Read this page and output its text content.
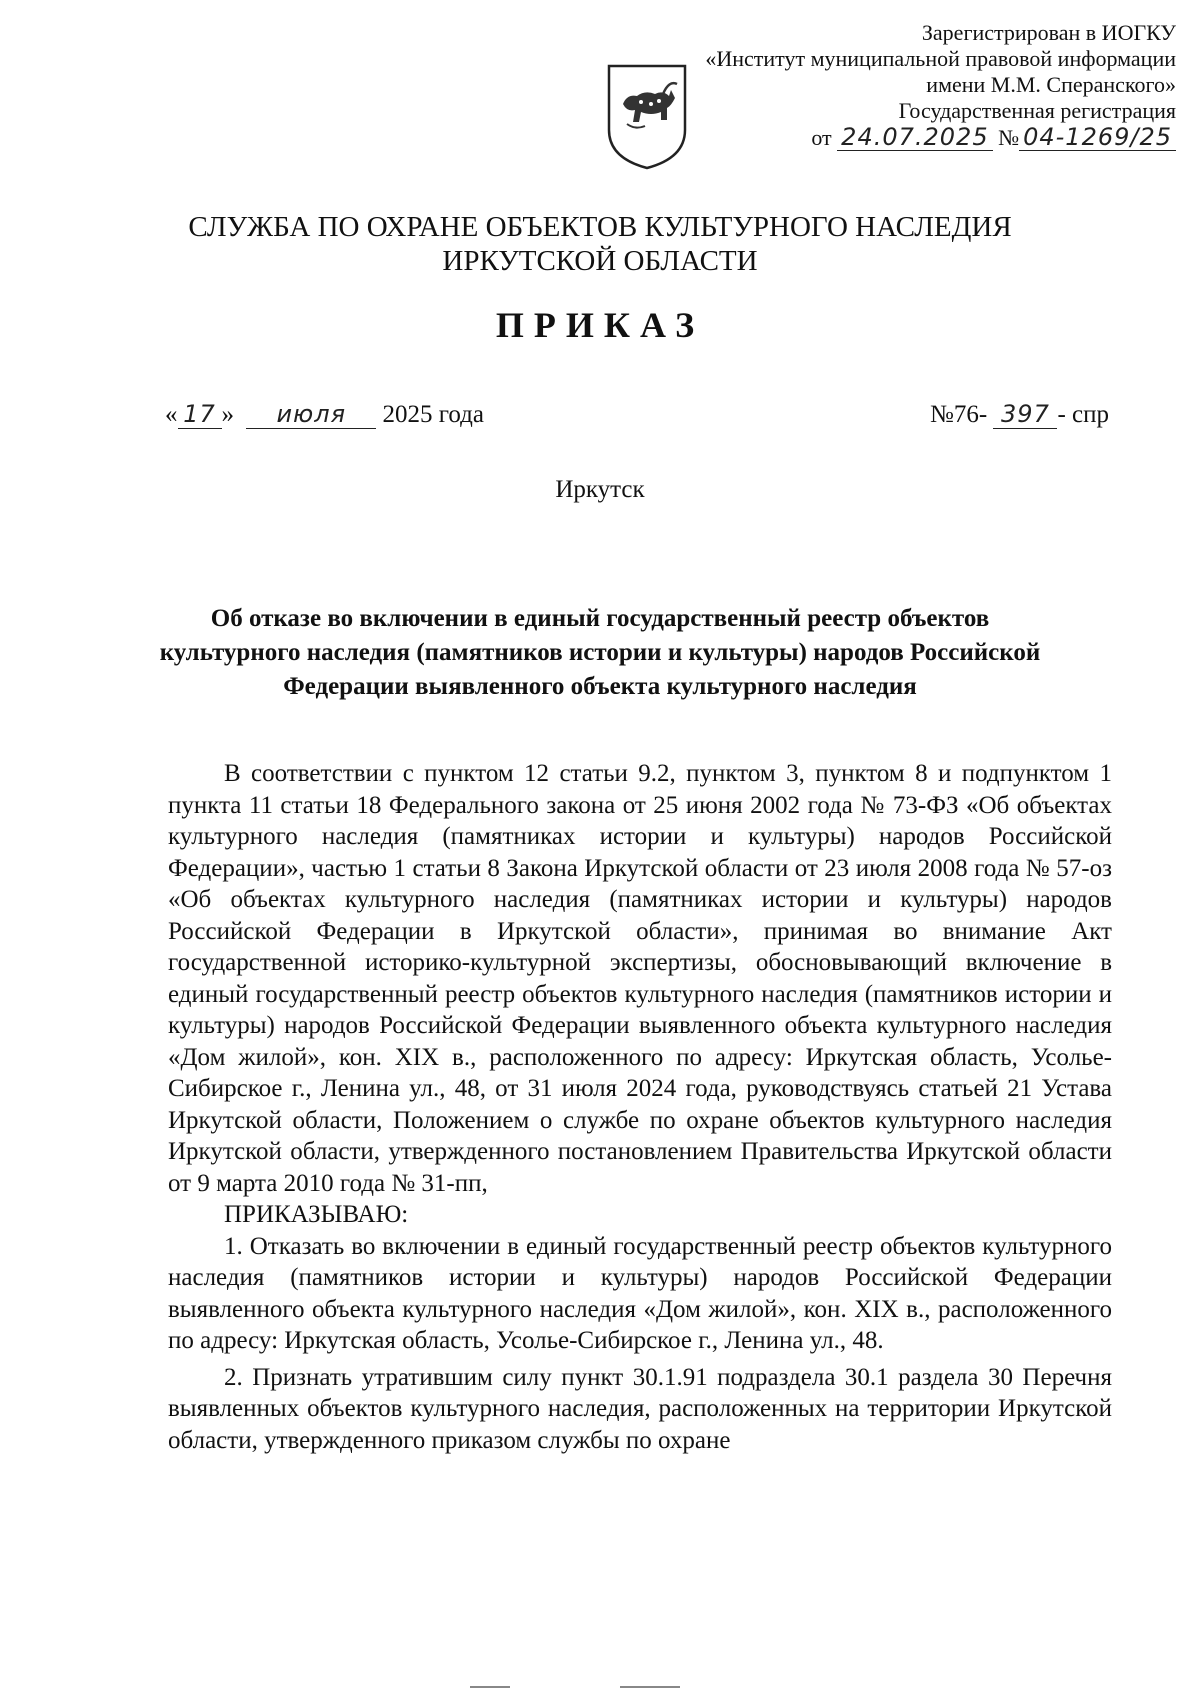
Зарегистрирован в ИОГКУ
«Институт муниципальной правовой информации
имени М.М. Сперанского»
Государственная регистрация
от 24.07.2025 № 04-1269/25
СЛУЖБА ПО ОХРАНЕ ОБЪЕКТОВ КУЛЬТУРНОГО НАСЛЕДИЯ
ИРКУТСКОЙ ОБЛАСТИ
ПРИКАЗ
« 17 » июля 2025 года	№76- 397 - спр
Иркутск
Об отказе во включении в единый государственный реестр объектов культурного наследия (памятников истории и культуры) народов Российской Федерации выявленного объекта культурного наследия

В соответствии с пунктом 12 статьи 9.2, пунктом 3, пунктом 8 и подпунктом 1 пункта 11 статьи 18 Федерального закона от 25 июня 2002 года № 73-ФЗ «Об объектах культурного наследия (памятниках истории и культуры) народов Российской Федерации», частью 1 статьи 8 Закона Иркутской области от 23 июля 2008 года № 57-оз «Об объектах культурного наследия (памятниках истории и культуры) народов Российской Федерации в Иркутской области», принимая во внимание Акт государственной историко-культурной экспертизы, обосновывающий включение в единый государственный реестр объектов культурного наследия (памятников истории и культуры) народов Российской Федерации выявленного объекта культурного наследия «Дом жилой», кон. XIX в., расположенного по адресу: Иркутская область, Усолье-Сибирское г., Ленина ул., 48, от 31 июля 2024 года, руководствуясь статьей 21 Устава Иркутской области, Положением о службе по охране объектов культурного наследия Иркутской области, утвержденного постановлением Правительства Иркутской области от 9 марта 2010 года № 31-пп,

ПРИКАЗЫВАЮ:

1. Отказать во включении в единый государственный реестр объектов культурного наследия (памятников истории и культуры) народов Российской Федерации выявленного объекта культурного наследия «Дом жилой», кон. XIX в., расположенного по адресу: Иркутская область, Усолье-Сибирское г., Ленина ул., 48.

2. Признать утратившим силу пункт 30.1.91 подраздела 30.1 раздела 30 Перечня выявленных объектов культурного наследия, расположенных на территории Иркутской области, утвержденного приказом службы по охране
